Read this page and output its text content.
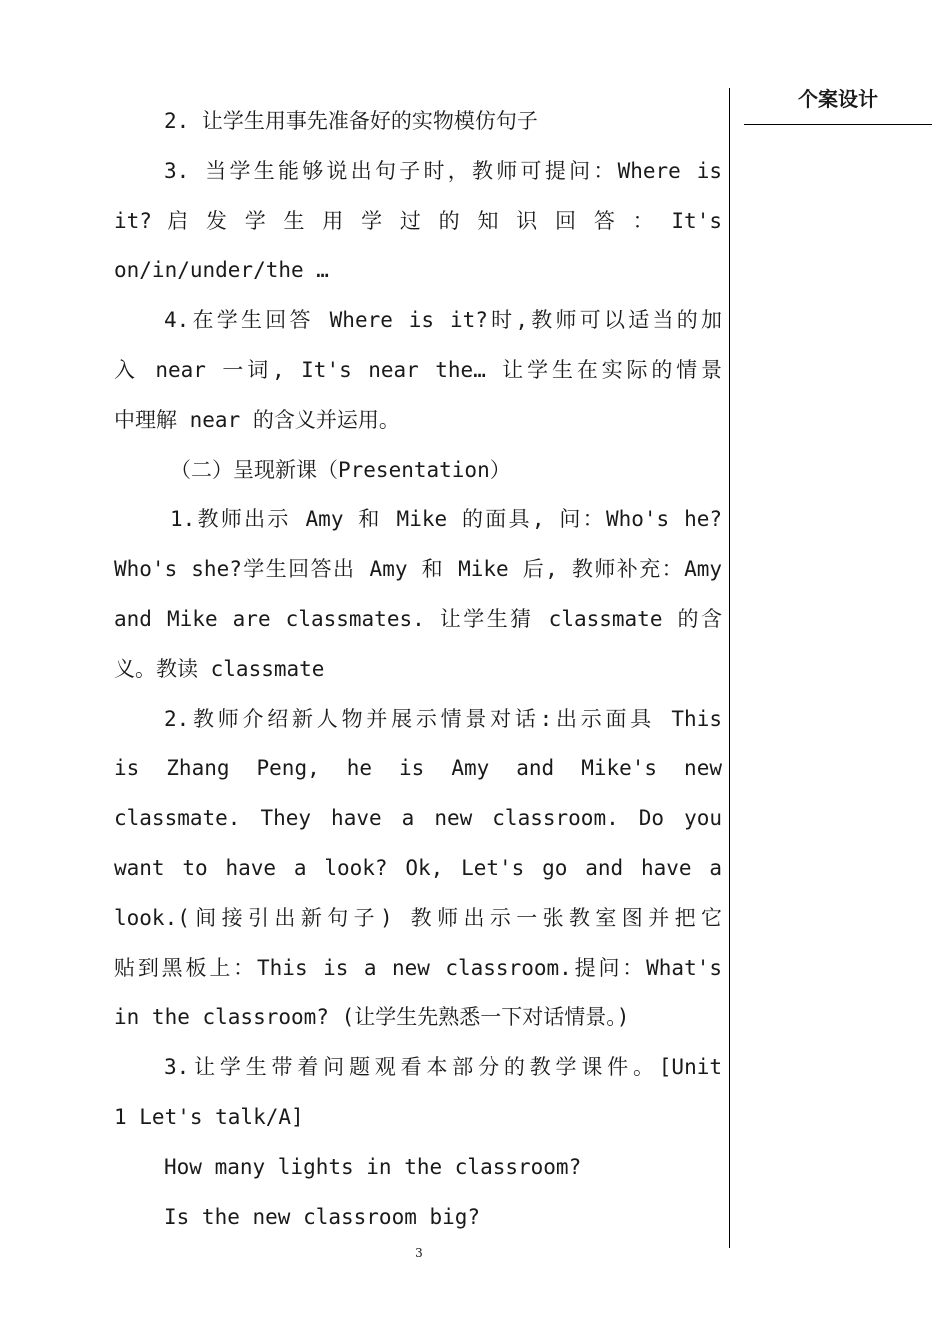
2. 让学生用事先准备好的实物模仿句子
3. 当学生能够说出句子时，教师可提问：Where is
it? 启 发 学 生 用 学 过 的 知 识 回 答 ： It's
on/in/under/the …
4.在学生回答 Where is it?时,教师可以适当的加
入 near 一词, It's near the… 让学生在实际的情景
中理解 near 的含义并运用。
（二）呈现新课（Presentation）
1.教师出示 Amy 和 Mike 的面具, 问：Who's he?
Who's she?学生回答出 Amy 和 Mike 后, 教师补充：Amy
and Mike are classmates. 让学生猜 classmate 的含
义。教读 classmate
2.教师介绍新人物并展示情景对话:出示面具 This
is Zhang Peng, he is Amy and Mike's new
classmate. They have a new classroom. Do you
want to have a look? Ok, Let's go and have a
look.(间接引出新句子) 教师出示一张教室图并把它
贴到黑板上：This is a new classroom.提问：What's
in the classroom? (让学生先熟悉一下对话情景。)
3.让学生带着问题观看本部分的教学课件。[Unit
1 Let's talk/A]
How many lights in the classroom?
Is the new classroom big?
个案设计
3
